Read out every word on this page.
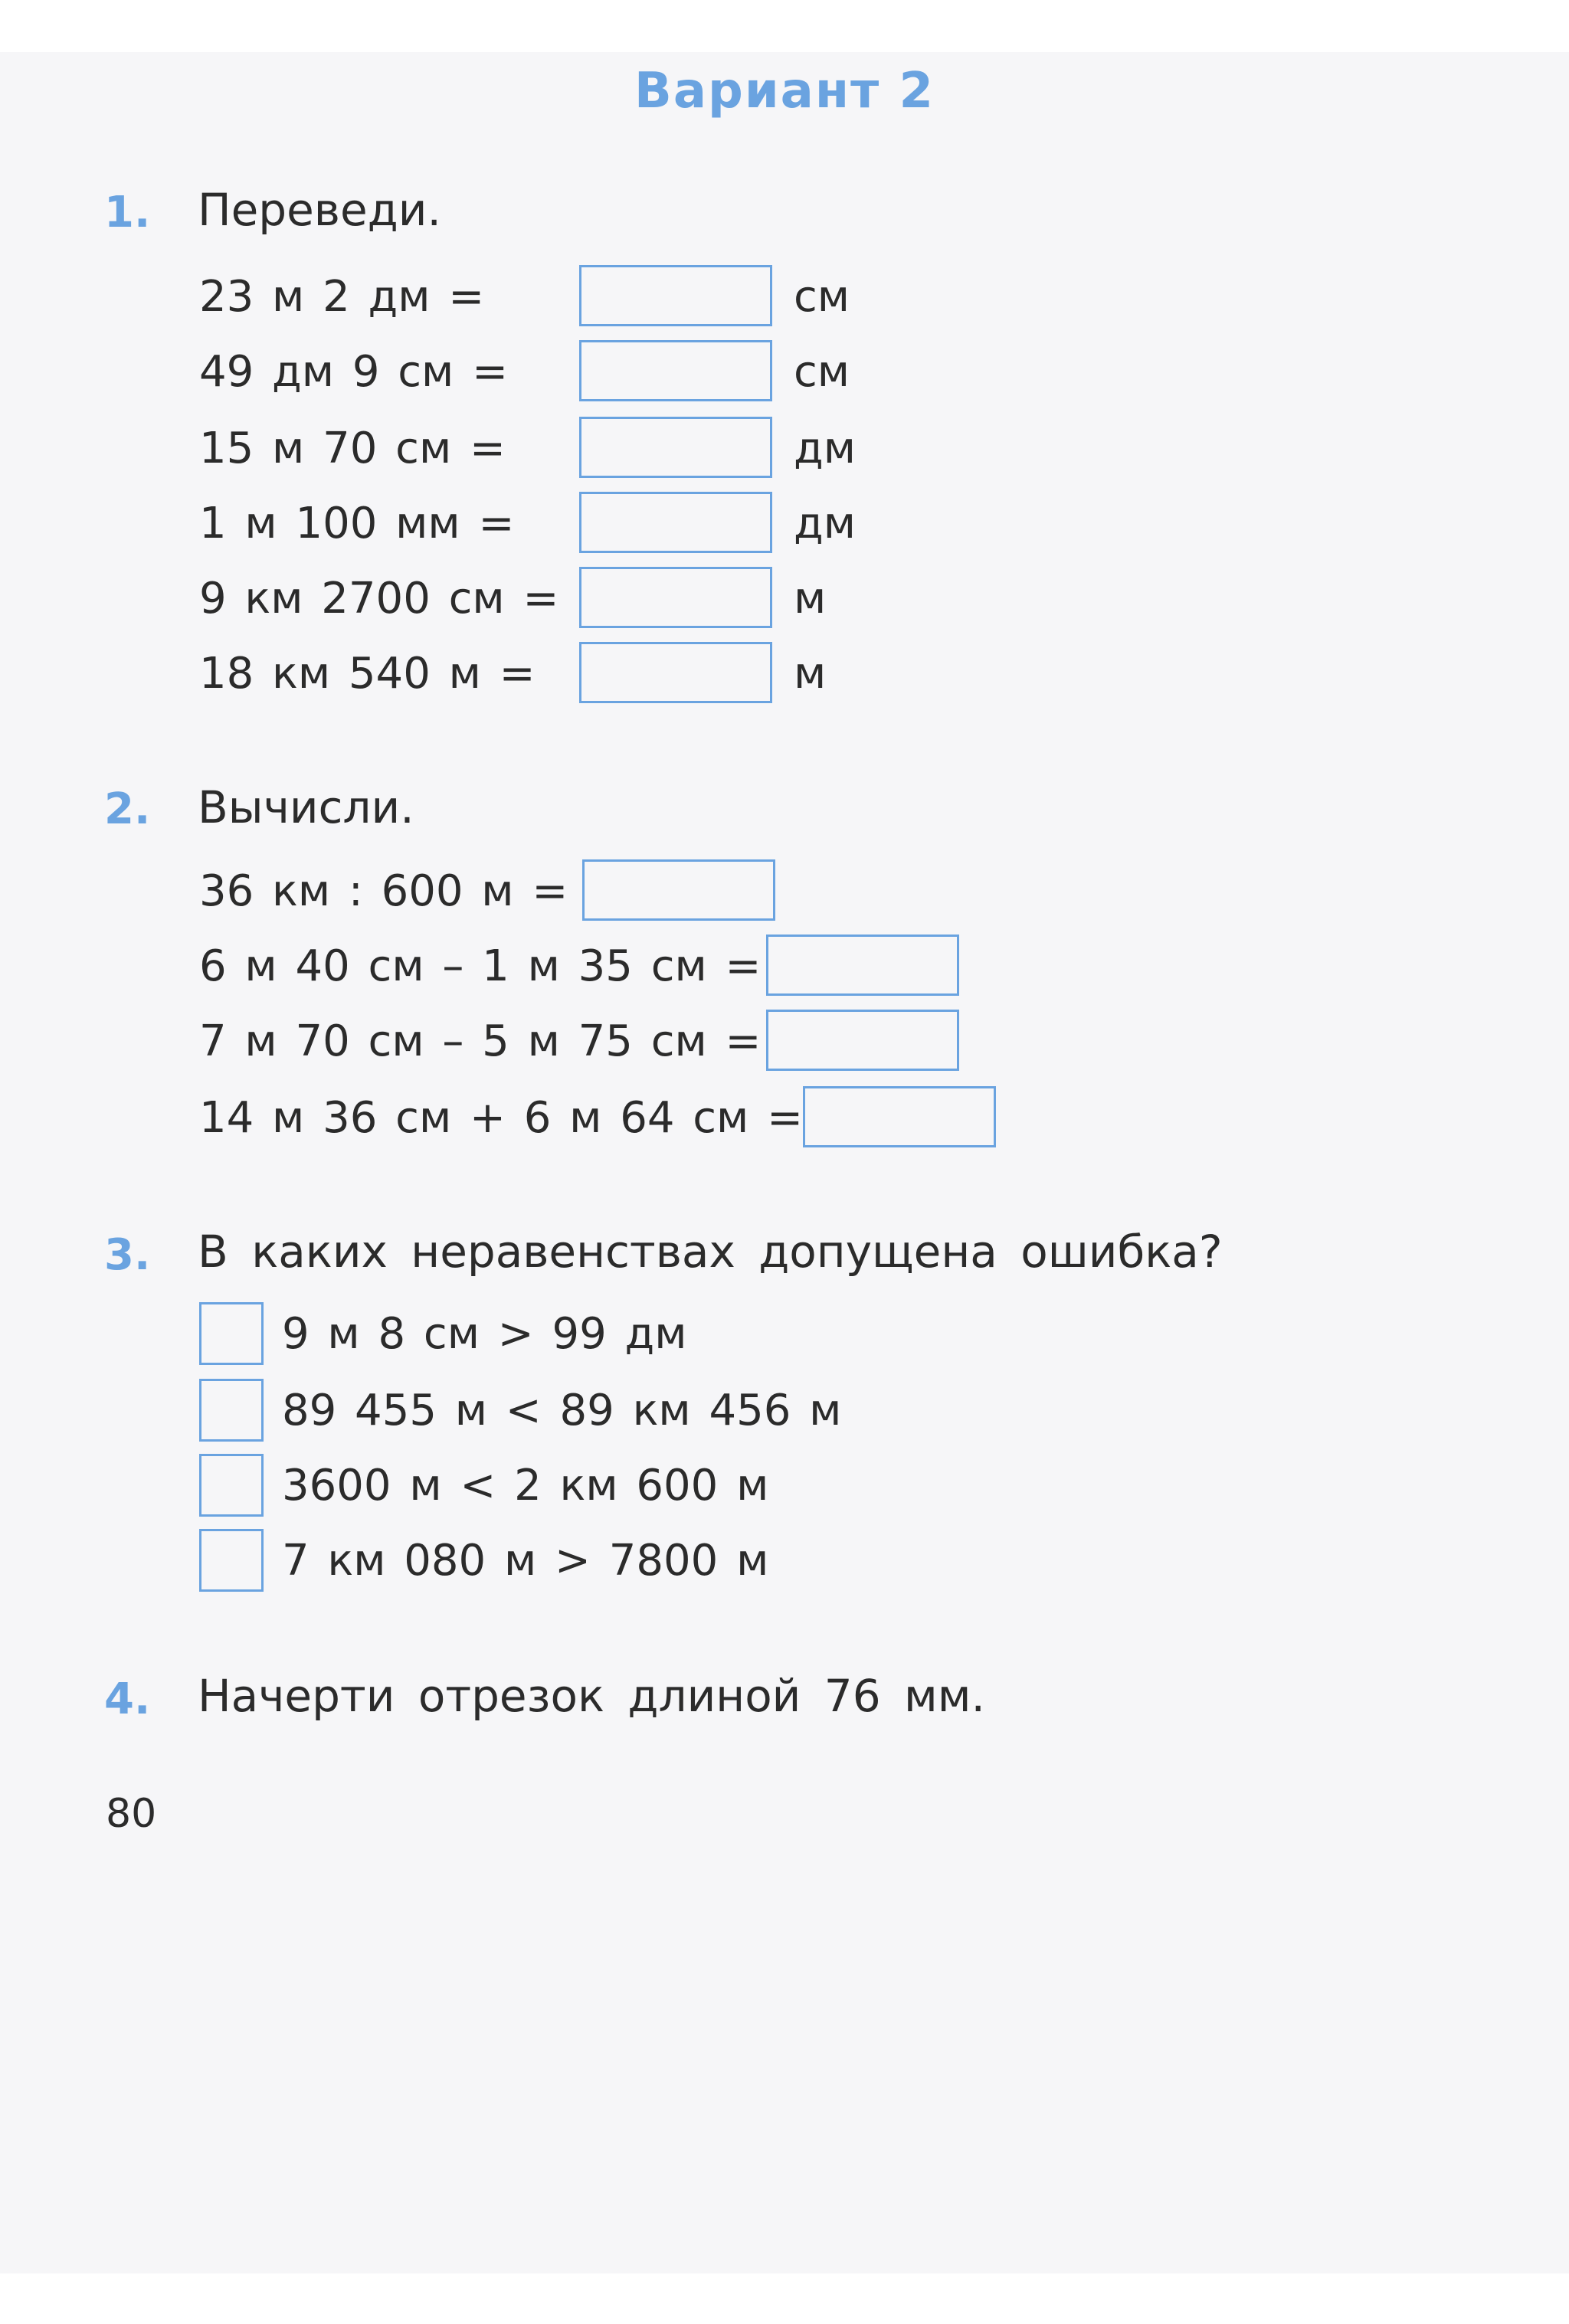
Вариант 2
1. Переведи.
23 м 2 дм =	см
49 дм 9 см =	см
15 м 70 см =	дм
1 м 100 мм =	дм
9 км 2700 см =	м
18 км 540 м =	м
2. Вычисли.
36 км : 600 м =
6 м 40 см – 1 м 35 см =
7 м 70 см – 5 м 75 см =
14 м 36 см + 6 м 64 см =
3. В каких неравенствах допущена ошибка?
9 м 8 см > 99 дм
89 455 м < 89 км 456 м
3600 м < 2 км 600 м
7 км 080 м > 7800 м
4. Начерти отрезок длиной 76 мм.
80
